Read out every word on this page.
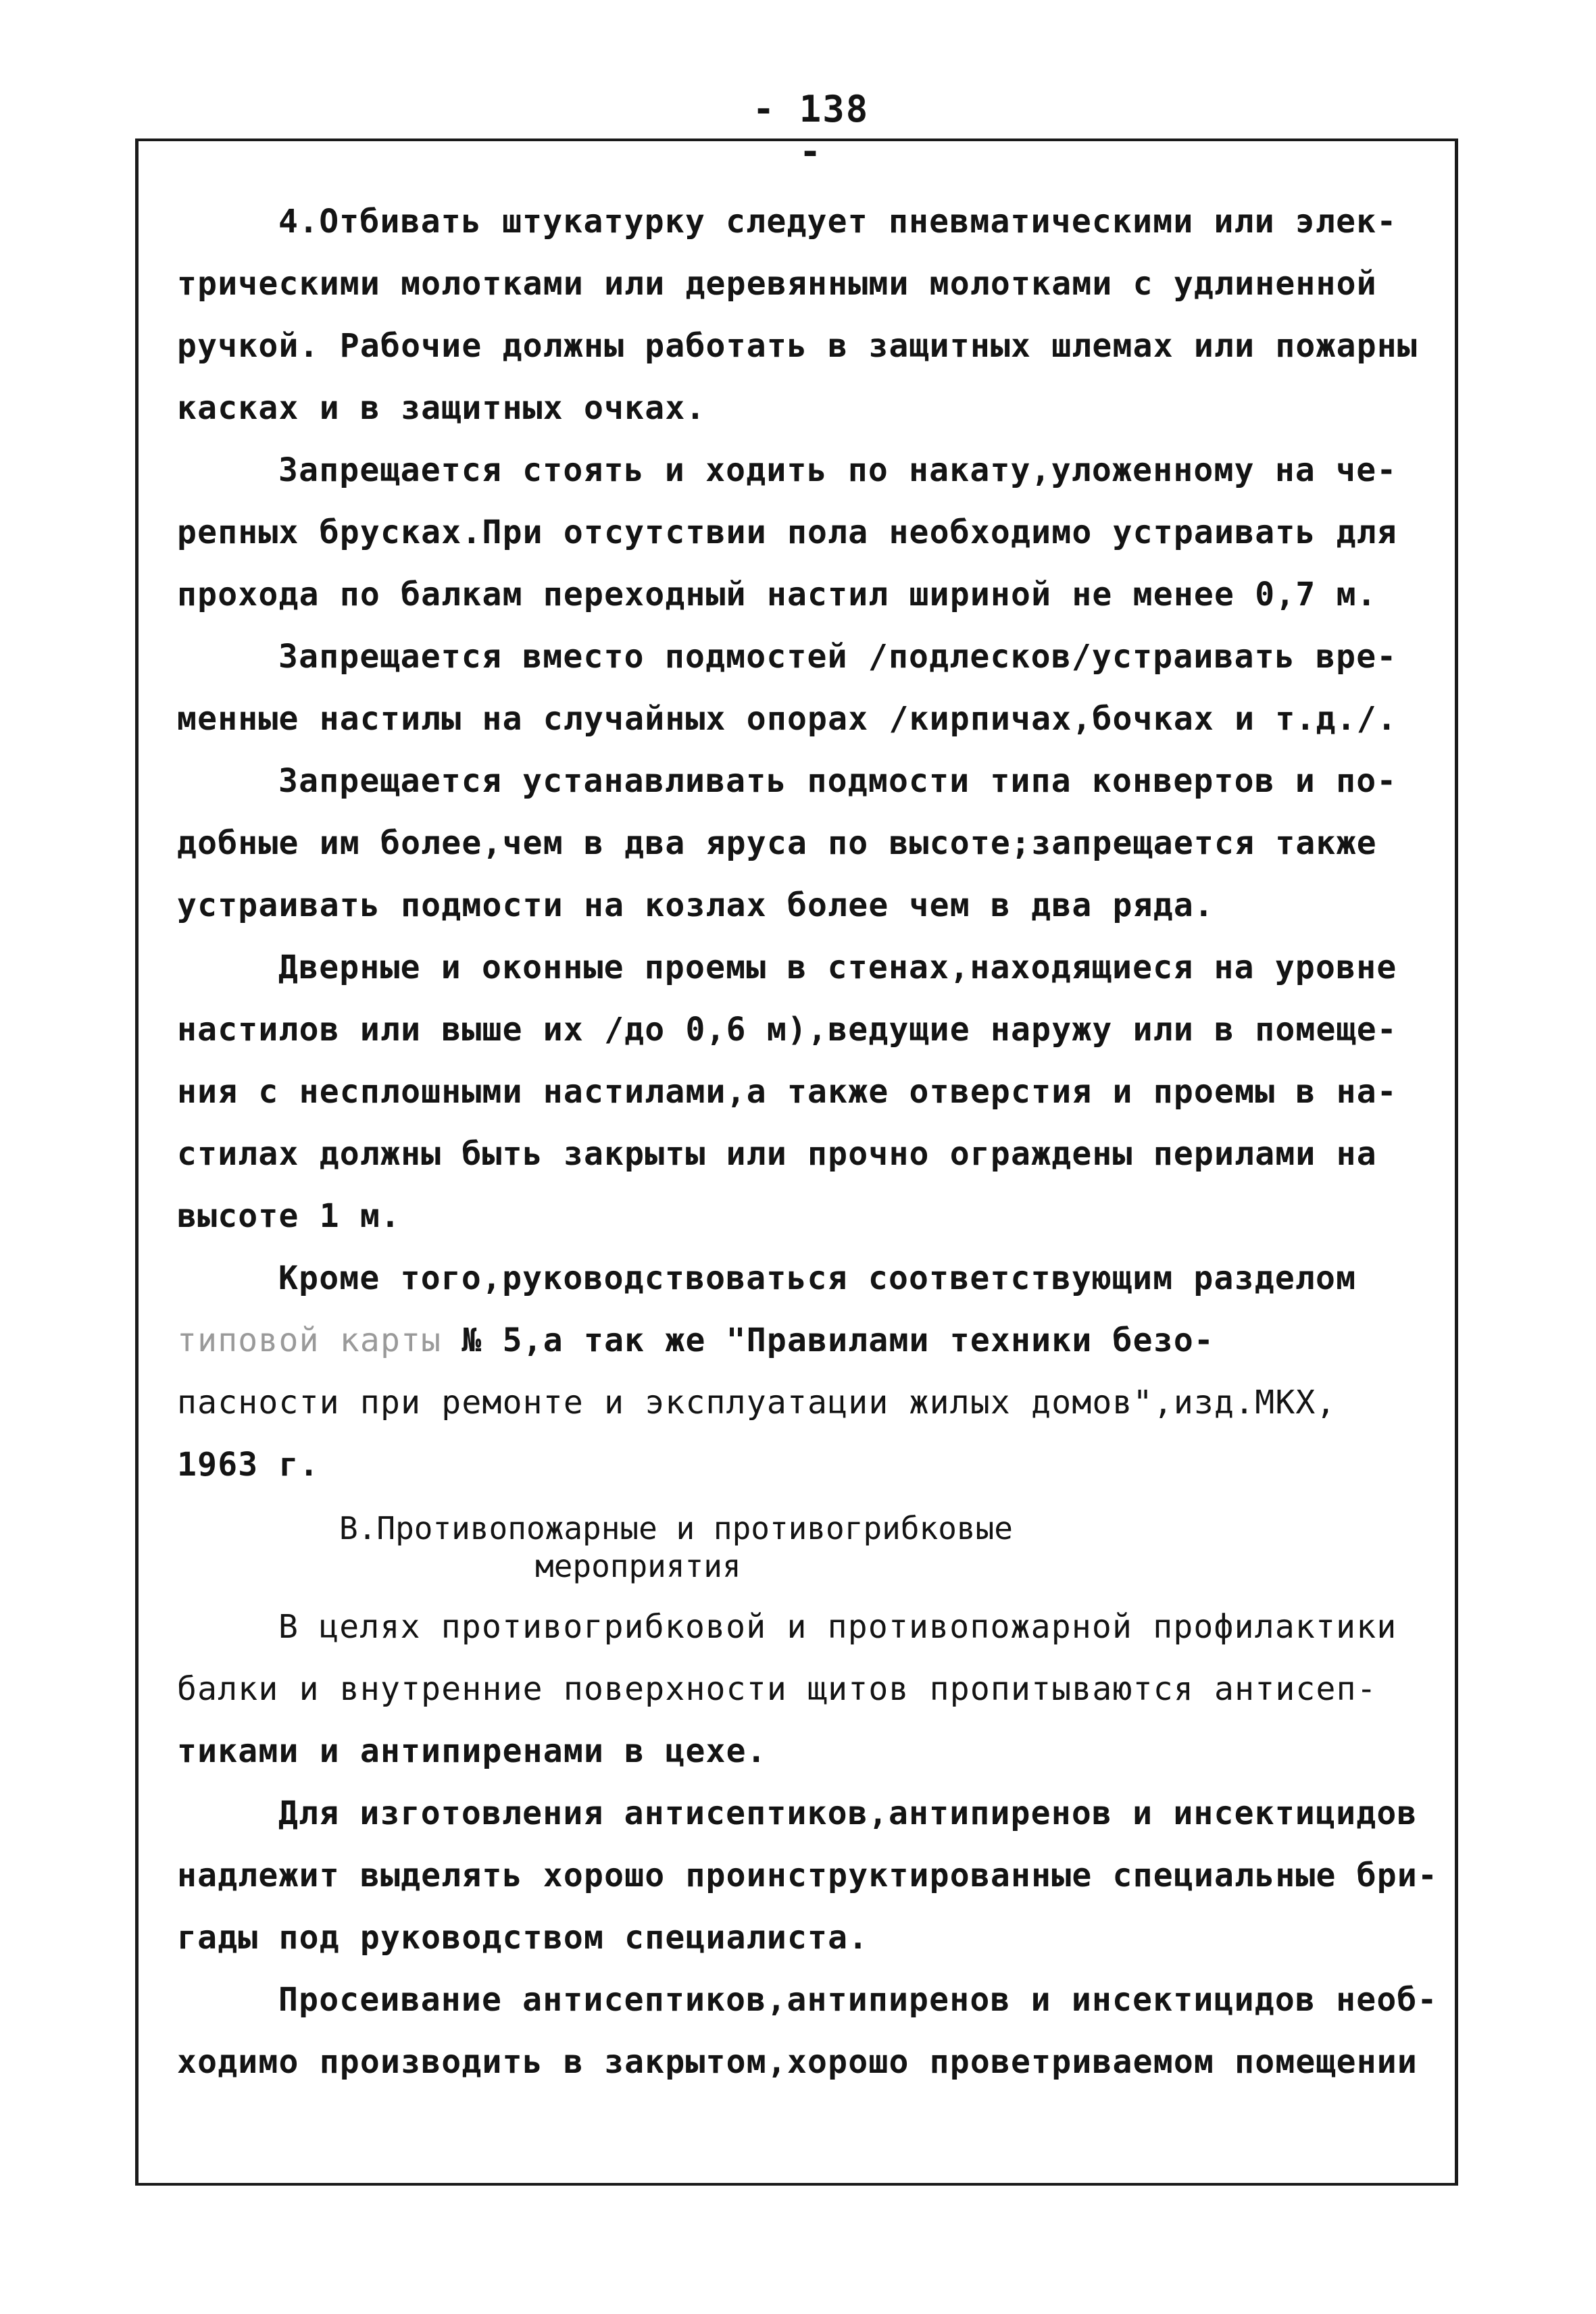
- 138 -
4.Отбивать штукатурку следует пневматическими или элек-
трическими молотками или деревянными молотками с удлиненной
ручкой. Рабочие должны работать в защитных шлемах или пожарны
касках и в защитных очках.
Запрещается стоять и ходить по накату,уложенному на че-
репных брусках.При отсутствии пола необходимо устраивать для
прохода по балкам переходный настил шириной не менее 0,7 м.
Запрещается вместо подмостей /подлесков/устраивать вре-
менные настилы на случайных опорах /кирпичах,бочках и т.д./.
Запрещается устанавливать подмости типа конвертов и по-
добные им более,чем в два яруса по высоте;запрещается также
устраивать подмости на козлах более чем в два ряда.
Дверные и оконные проемы в стенах,находящиеся на уровне
настилов или выше их /до 0,6 м),ведущие наружу или в помеще-
ния с несплошными настилами,а также отверстия и проемы в на-
стилах должны быть закрыты или прочно ограждены перилами на
высоте 1 м.
Кроме того,руководствоваться соответствующим разделом
типовой карты № 5,а так же "Правилами техники безо-
пасности при ремонте и эксплуатации жилых домов",изд.МКХ,
1963 г.
В.Противопожарные и противогрибковые
мероприятия
В целях противогрибковой и противопожарной профилактики
балки и внутренние поверхности щитов пропитываются антисеп-
тиками и антипиренами в цехе.
Для изготовления антисептиков,антипиренов и инсектицидов
надлежит выделять хорошо проинструктированные специальные бри-
гады под руководством специалиста.
Просеивание антисептиков,антипиренов и инсектицидов необ-
ходимо производить в закрытом,хорошо проветриваемом помещении
